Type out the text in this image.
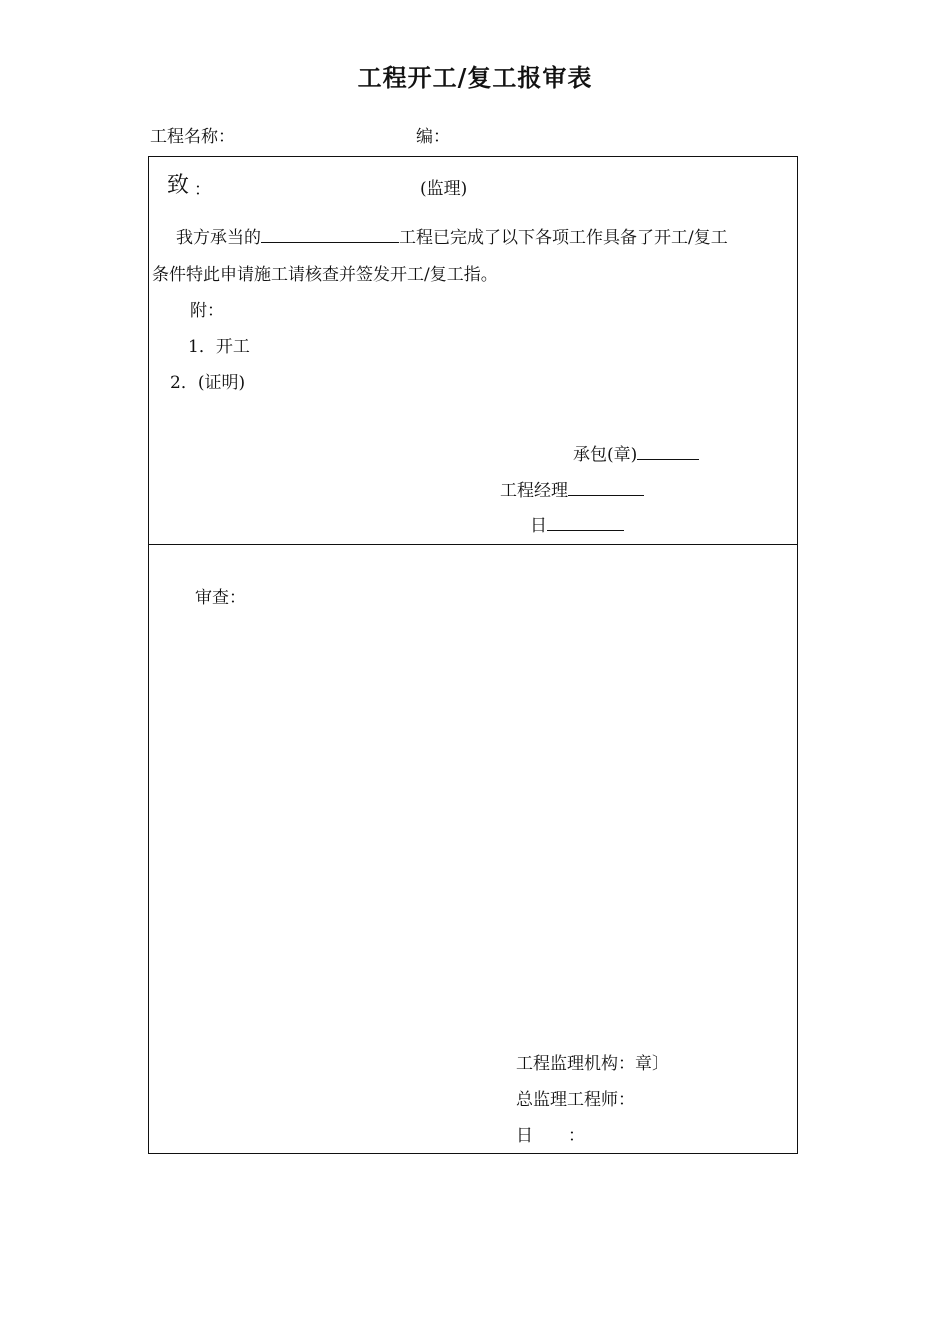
工程开工/复工报审表
工程名称：	编：
致 ：	(监理)
我方承当的	工程已完成了以下各项工作具备了开工/复工
条件特此申请施工请核查并签发开工/复工指。
附：
1．开工
2．(证明)
承包(章)
工程经理
日
审查：
工程监理机构：章〕
总监理工程师：
日 ：
